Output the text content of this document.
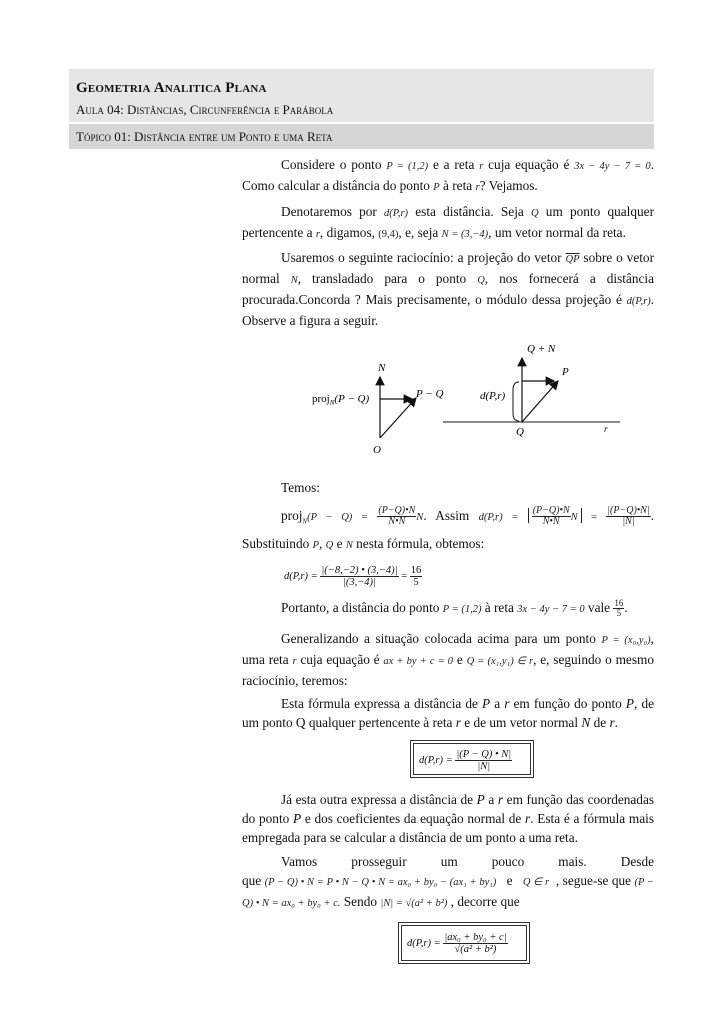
Geometria Analitica Plana
Aula 04: Distâncias, Circunferência e Parábola
Tópico 01: Distância entre um Ponto e uma Reta
Considere o ponto P = (1,2) e a reta r cuja equação é 3x − 4y − 7 = 0. Como calcular a distância do ponto P à reta r? Vejamos.
Denotaremos por d(P,r) esta distância. Seja Q um ponto qualquer pertencente a r, digamos, (9,4), e, seja N = (3,−4), um vetor normal da reta.
Usaremos o seguinte raciocínio: a projeção do vetor $\overline{QP}$ sobre o vetor normal N, transladado para o ponto Q, nos fornecerá a distância procurada.Concorda ? Mais precisamente, o módulo dessa projeção é d(P,r). Observe a figura a seguir.
N
P − Q
proj$_N$(P − Q)
O
Q + N
P
d(P,r)
Q	r
Temos:
proj$_N$(P − $Q) = \frac{(P-Q)•N}{N•N} N$. Assim $d(P,r) = \frac{(P-Q)•N}{N•N}$ $N = \frac{|(P-Q)•N|}{|N|}$ . Substituindo P, Q e N nesta fórmula, obtemos:
$d(P,r) = \frac{|(-8,-2) • (3,-4)|}{|(3,-4)|} = \frac{16}{5}$
Portanto, a distância do ponto P = (1,2) à reta 3x − 4y − 7 = 0 vale $\frac{16}{5}$ .
Generalizando a situação colocada acima para um ponto P = (x₀,y₀), uma reta r cuja equação é ax + by + c = 0 e Q = (x₁,y₁) ∈ r, e, seguindo o mesmo raciocínio, teremos:
Esta fórmula expressa a distância de P a r em função do ponto P, de um ponto Q qualquer pertencente à reta r e de um vetor normal N de r.
$d(P,r) = \frac{|(P - Q) • N|}{|N|}$
Já esta outra expressa a distância de P a r em função das coordenadas do ponto P e dos coeficientes da equação normal de r. Esta é a fórmula mais empregada para se calcular a distância de um ponto a uma reta.
Vamos prosseguir um pouco mais. Desde que (P − Q) • N = P • N − Q • N = ax₀ + by₀ − (ax₁ + by₁) e Q ∈ r , segue-se que (P − Q) • N = ax₀ + by₀ + c. Sendo |N| = √(a² + b²) , decorre que
$d(P,r) = \frac{\text{|ax₀ + by₀ + c|}}{\text{√(a² + b²)}}$
